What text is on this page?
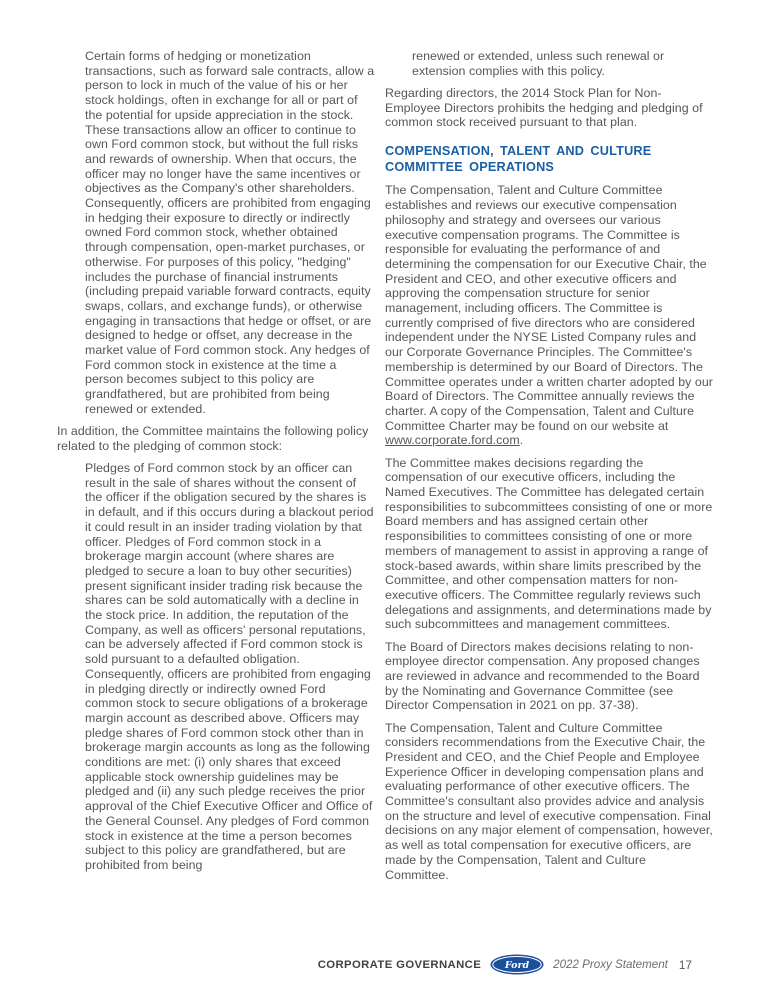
Certain forms of hedging or monetization transactions, such as forward sale contracts, allow a person to lock in much of the value of his or her stock holdings, often in exchange for all or part of the potential for upside appreciation in the stock. These transactions allow an officer to continue to own Ford common stock, but without the full risks and rewards of ownership. When that occurs, the officer may no longer have the same incentives or objectives as the Company's other shareholders. Consequently, officers are prohibited from engaging in hedging their exposure to directly or indirectly owned Ford common stock, whether obtained through compensation, open-market purchases, or otherwise. For purposes of this policy, "hedging" includes the purchase of financial instruments (including prepaid variable forward contracts, equity swaps, collars, and exchange funds), or otherwise engaging in transactions that hedge or offset, or are designed to hedge or offset, any decrease in the market value of Ford common stock. Any hedges of Ford common stock in existence at the time a person becomes subject to this policy are grandfathered, but are prohibited from being renewed or extended.

In addition, the Committee maintains the following policy related to the pledging of common stock:

Pledges of Ford common stock by an officer can result in the sale of shares without the consent of the officer if the obligation secured by the shares is in default, and if this occurs during a blackout period it could result in an insider trading violation by that officer. Pledges of Ford common stock in a brokerage margin account (where shares are pledged to secure a loan to buy other securities) present significant insider trading risk because the shares can be sold automatically with a decline in the stock price. In addition, the reputation of the Company, as well as officers' personal reputations, can be adversely affected if Ford common stock is sold pursuant to a defaulted obligation. Consequently, officers are prohibited from engaging in pledging directly or indirectly owned Ford common stock to secure obligations of a brokerage margin account as described above. Officers may pledge shares of Ford common stock other than in brokerage margin accounts as long as the following conditions are met: (i) only shares that exceed applicable stock ownership guidelines may be pledged and (ii) any such pledge receives the prior approval of the Chief Executive Officer and Office of the General Counsel. Any pledges of Ford common stock in existence at the time a person becomes subject to this policy are grandfathered, but are prohibited from being

renewed or extended, unless such renewal or extension complies with this policy.

Regarding directors, the 2014 Stock Plan for Non-Employee Directors prohibits the hedging and pledging of common stock received pursuant to that plan.

COMPENSATION, TALENT AND CULTURE COMMITTEE OPERATIONS

The Compensation, Talent and Culture Committee establishes and reviews our executive compensation philosophy and strategy and oversees our various executive compensation programs. The Committee is responsible for evaluating the performance of and determining the compensation for our Executive Chair, the President and CEO, and other executive officers and approving the compensation structure for senior management, including officers. The Committee is currently comprised of five directors who are considered independent under the NYSE Listed Company rules and our Corporate Governance Principles. The Committee's membership is determined by our Board of Directors. The Committee operates under a written charter adopted by our Board of Directors. The Committee annually reviews the charter. A copy of the Compensation, Talent and Culture Committee Charter may be found on our website at www.corporate.ford.com.

The Committee makes decisions regarding the compensation of our executive officers, including the Named Executives. The Committee has delegated certain responsibilities to subcommittees consisting of one or more Board members and has assigned certain other responsibilities to committees consisting of one or more members of management to assist in approving a range of stock-based awards, within share limits prescribed by the Committee, and other compensation matters for non-executive officers. The Committee regularly reviews such delegations and assignments, and determinations made by such subcommittees and management committees.

The Board of Directors makes decisions relating to non-employee director compensation. Any proposed changes are reviewed in advance and recommended to the Board by the Nominating and Governance Committee (see Director Compensation in 2021 on pp. 37-38).

The Compensation, Talent and Culture Committee considers recommendations from the Executive Chair, the President and CEO, and the Chief People and Employee Experience Officer in developing compensation plans and evaluating performance of other executive officers. The Committee's consultant also provides advice and analysis on the structure and level of executive compensation. Final decisions on any major element of compensation, however, as well as total compensation for executive officers, are made by the Compensation, Talent and Culture Committee.

CORPORATE GOVERNANCE Ford 2022 Proxy Statement 17
